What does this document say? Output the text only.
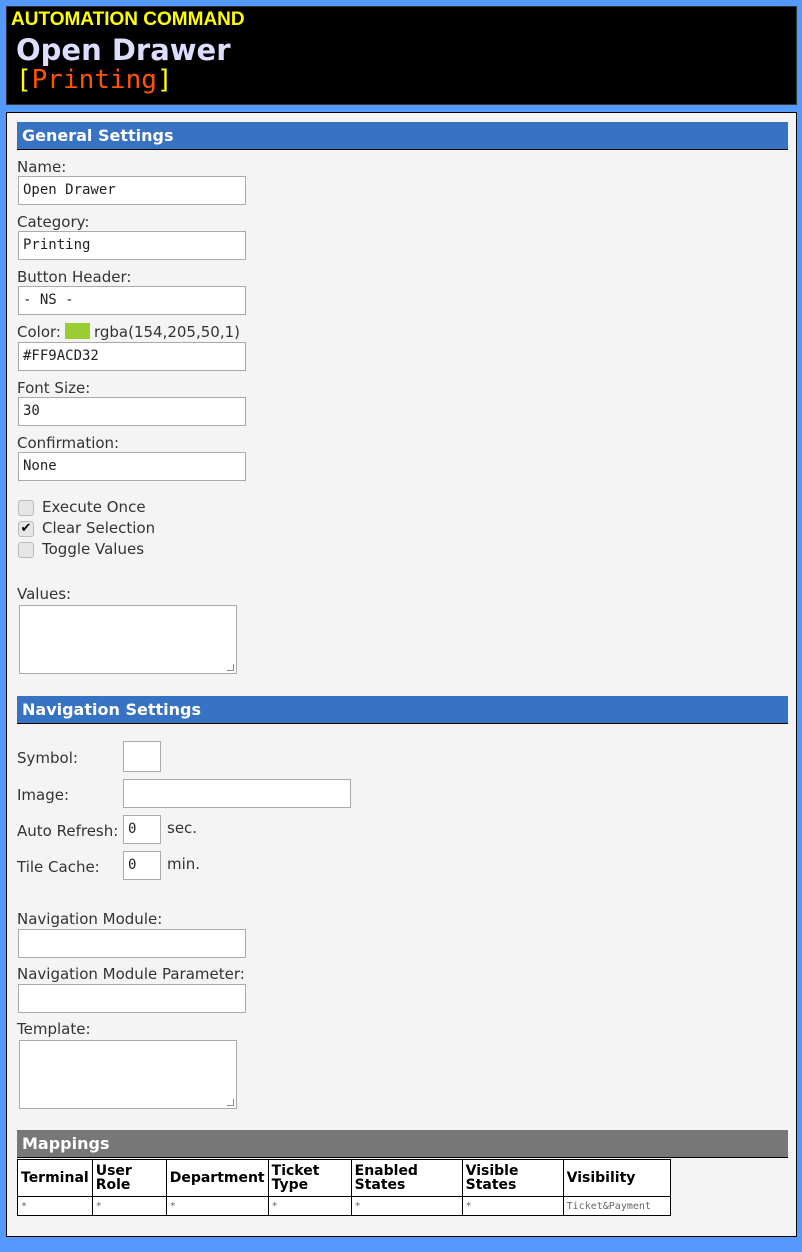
AUTOMATION COMMAND
Open Drawer
[Printing]
General Settings
Name:
Open Drawer
Category:
Printing
Button Header:
- NS -
Color: rgba(154,205,50,1)
#FF9ACD32
Font Size:
30
Confirmation:
None
Execute Once
✔ Clear Selection
Toggle Values
Values:
Navigation Settings
Symbol:
Image:
Auto Refresh: 0	sec.
Tile Cache:	0	min.
Navigation Module:
Navigation Module Parameter:
Template:
Mappings
Terminal	User Role	Department	Ticket Type	Enabled States	Visible States	Visibility
*	*	*	*	*	*	Ticket&Payment
